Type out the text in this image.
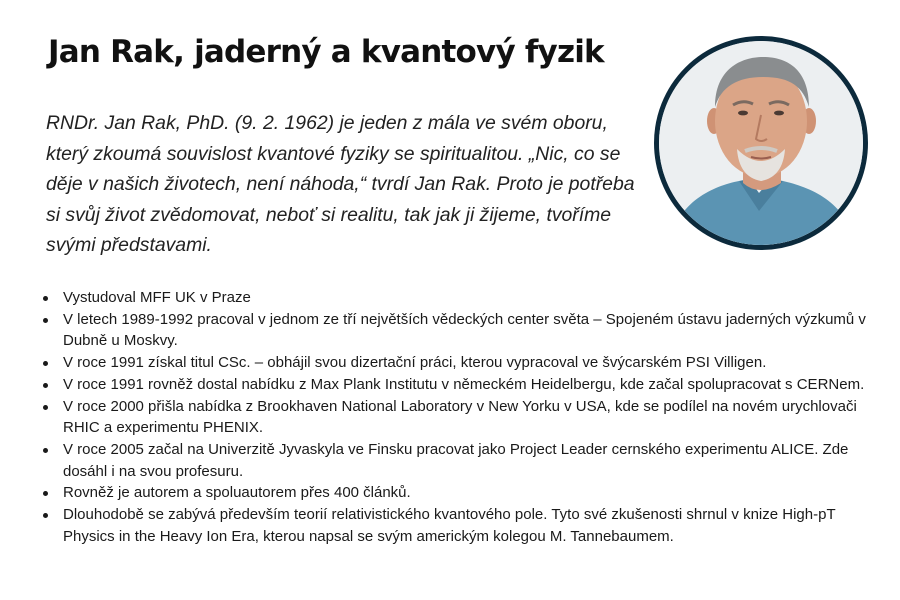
Jan Rak, jaderný a kvantový fyzik

RNDr. Jan Rak, PhD. (9. 2. 1962) je jeden z mála ve svém oboru, který zkoumá souvislost kvantové fyziky se spiritualitou. „Nic, co se děje v našich životech, není náhoda,“ tvrdí Jan Rak. Proto je potřeba si svůj život zvědomovat, neboť si realitu, tak jak ji žijeme, tvoříme svými představami.

Vystudoval MFF UK v Praze
V letech 1989-1992 pracoval v jednom ze tří největších vědeckých center světa – Spojeném ústavu jaderných výzkumů v Dubně u Moskvy.
V roce 1991 získal titul CSc. – obhájil svou dizertační práci, kterou vypracoval ve švýcarském PSI Villigen.
V roce 1991 rovněž dostal nabídku z Max Plank Institutu v německém Heidelbergu, kde začal spolupracovat s CERNem.
V roce 2000 přišla nabídka z Brookhaven National Laboratory v New Yorku v USA, kde se podílel na novém urychlovači RHIC a experimentu PHENIX.
V roce 2005 začal na Univerzitě Jyvaskyla ve Finsku pracovat jako Project Leader cernského experimentu ALICE. Zde dosáhl i na svou profesuru.
Rovněž je autorem a spoluautorem přes 400 článků.
Dlouhodobě se zabývá především teorií relativistického kvantového pole. Tyto své zkušenosti shrnul v knize High-pT Physics in the Heavy Ion Era, kterou napsal se svým americkým kolegou M. Tannebaumem.
